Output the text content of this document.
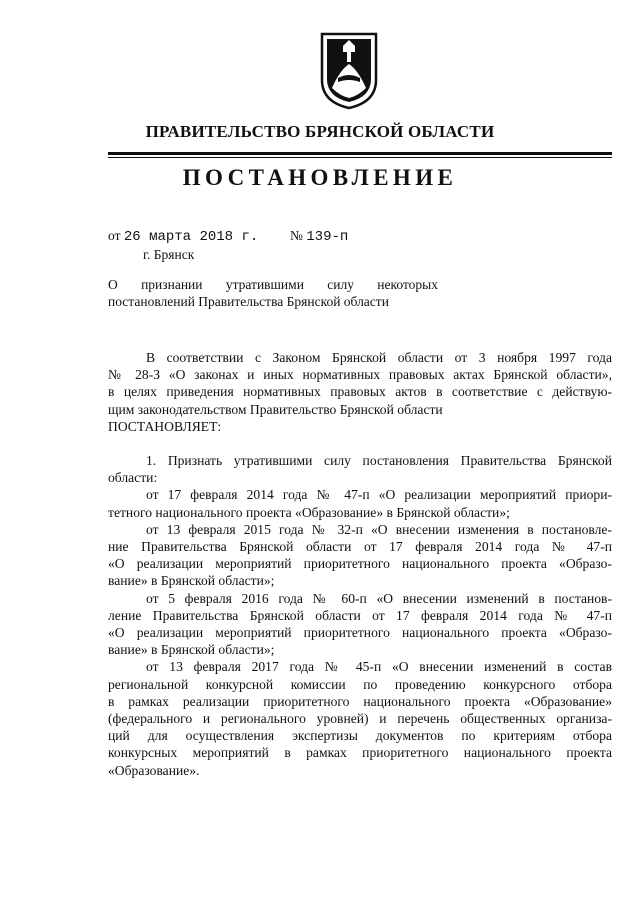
ПРАВИТЕЛЬСТВО БРЯНСКОЙ ОБЛАСТИ
ПОСТАНОВЛЕНИЕ
от 26 марта 2018 г. № 139-п
г. Брянск
О признании утратившими силу некоторых
постановлений Правительства Брянской области
В соответствии с Законом Брянской области от 3 ноября 1997 года
№ 28-З «О законах и иных нормативных правовых актах Брянской области»,
в целях приведения нормативных правовых актов в соответствие с действую-
щим законодательством Правительство Брянской области
ПОСТАНОВЛЯЕТ:
1. Признать утратившими силу постановления Правительства Брянской
области:
от 17 февраля 2014 года № 47-п «О реализации мероприятий приори-
тетного национального проекта «Образование» в Брянской области»;
от 13 февраля 2015 года № 32-п «О внесении изменения в постановле-
ние Правительства Брянской области от 17 февраля 2014 года № 47-п
«О реализации мероприятий приоритетного национального проекта «Образо-
вание» в Брянской области»;
от 5 февраля 2016 года № 60-п «О внесении изменений в постанов-
ление Правительства Брянской области от 17 февраля 2014 года № 47-п
«О реализации мероприятий приоритетного национального проекта «Образо-
вание» в Брянской области»;
от 13 февраля 2017 года № 45-п «О внесении изменений в состав
региональной конкурсной комиссии по проведению конкурсного отбора
в рамках реализации приоритетного национального проекта «Образование»
(федерального и регионального уровней) и перечень общественных организа-
ций для осуществления экспертизы документов по критериям отбора
конкурсных мероприятий в рамках приоритетного национального проекта
«Образование».
